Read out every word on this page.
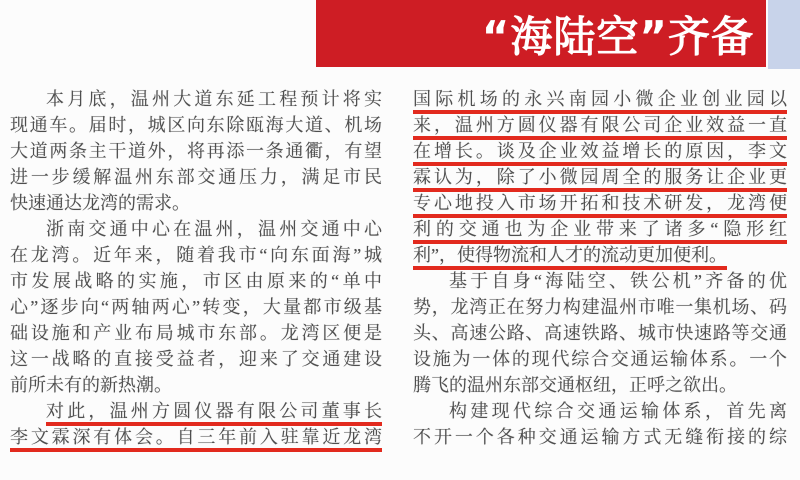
“海陆空”齐备
本月底，温州大道东延工程预计将实
现通车。届时，城区向东除瓯海大道、机场
大道两条主干道外，将再添一条通衢，有望
进一步缓解温州东部交通压力，满足市民
快速通达龙湾的需求。
浙南交通中心在温州，温州交通中心
在龙湾。近年来，随着我市“向东面海”城
市发展战略的实施，市区由原来的“单中
心”逐步向“两轴两心”转变，大量都市级基
础设施和产业布局城市东部。龙湾区便是
这一战略的直接受益者，迎来了交通建设
前所未有的新热潮。
对此，温州方圆仪器有限公司董事长
李文霖深有体会。自三年前入驻靠近龙湾
国际机场的永兴南园小微企业创业园以
来，温州方圆仪器有限公司企业效益一直
在增长。谈及企业效益增长的原因，李文
霖认为，除了小微园周全的服务让企业更
专心地投入市场开拓和技术研发，龙湾便
利的交通也为企业带来了诸多“隐形红
利”，使得物流和人才的流动更加便利。
基于自身“海陆空、铁公机”齐备的优
势，龙湾正在努力构建温州市唯一集机场、码
头、高速公路、高速铁路、城市快速路等交通
设施为一体的现代综合交通运输体系。一个
腾飞的温州东部交通枢纽，正呼之欲出。
构建现代综合交通运输体系，首先离
不开一个各种交通运输方式无缝衔接的综
